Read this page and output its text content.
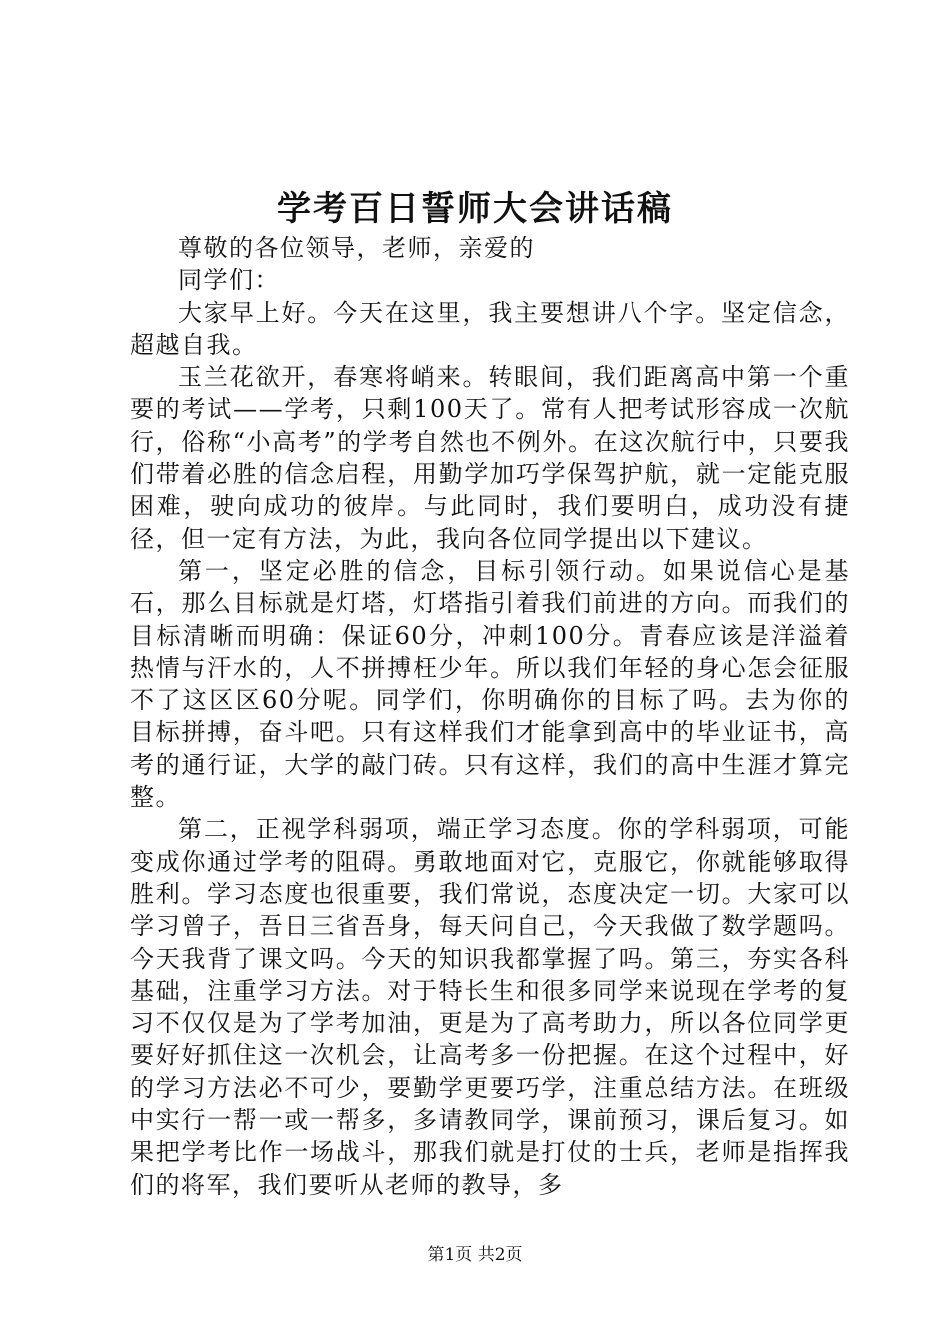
学考百日誓师大会讲话稿

尊敬的各位领导，老师，亲爱的

同学们：

大家早上好。今天在这里，我主要想讲八个字。坚定信念，超越自我。

玉兰花欲开，春寒将峭来。转眼间，我们距离高中第一个重要的考试——学考，只剩100天了。常有人把考试形容成一次航行，俗称“小高考”的学考自然也不例外。在这次航行中，只要我们带着必胜的信念启程，用勤学加巧学保驾护航，就一定能克服困难，驶向成功的彼岸。与此同时，我们要明白，成功没有捷径，但一定有方法，为此，我向各位同学提出以下建议。

第一，坚定必胜的信念，目标引领行动。如果说信心是基石，那么目标就是灯塔，灯塔指引着我们前进的方向。而我们的目标清晰而明确：保证60分，冲刺100分。青春应该是洋溢着热情与汗水的，人不拼搏枉少年。所以我们年轻的身心怎会征服不了这区区60分呢。同学们，你明确你的目标了吗。去为你的目标拼搏，奋斗吧。只有这样我们才能拿到高中的毕业证书，高考的通行证，大学的敲门砖。只有这样，我们的高中生涯才算完整。

第二，正视学科弱项，端正学习态度。你的学科弱项，可能变成你通过学考的阻碍。勇敢地面对它，克服它，你就能够取得胜利。学习态度也很重要，我们常说，态度决定一切。大家可以学习曾子，吾日三省吾身，每天问自己，今天我做了数学题吗。今天我背了课文吗。今天的知识我都掌握了吗。第三，夯实各科基础，注重学习方法。对于特长生和很多同学来说现在学考的复习不仅仅是为了学考加油，更是为了高考助力，所以各位同学更要好好抓住这一次机会，让高考多一份把握。在这个过程中，好的学习方法必不可少，要勤学更要巧学，注重总结方法。在班级中实行一帮一或一帮多，多请教同学，课前预习，课后复习。如果把学考比作一场战斗，那我们就是打仗的士兵，老师是指挥我们的将军，我们要听从老师的教导，多

第1页 共2页
